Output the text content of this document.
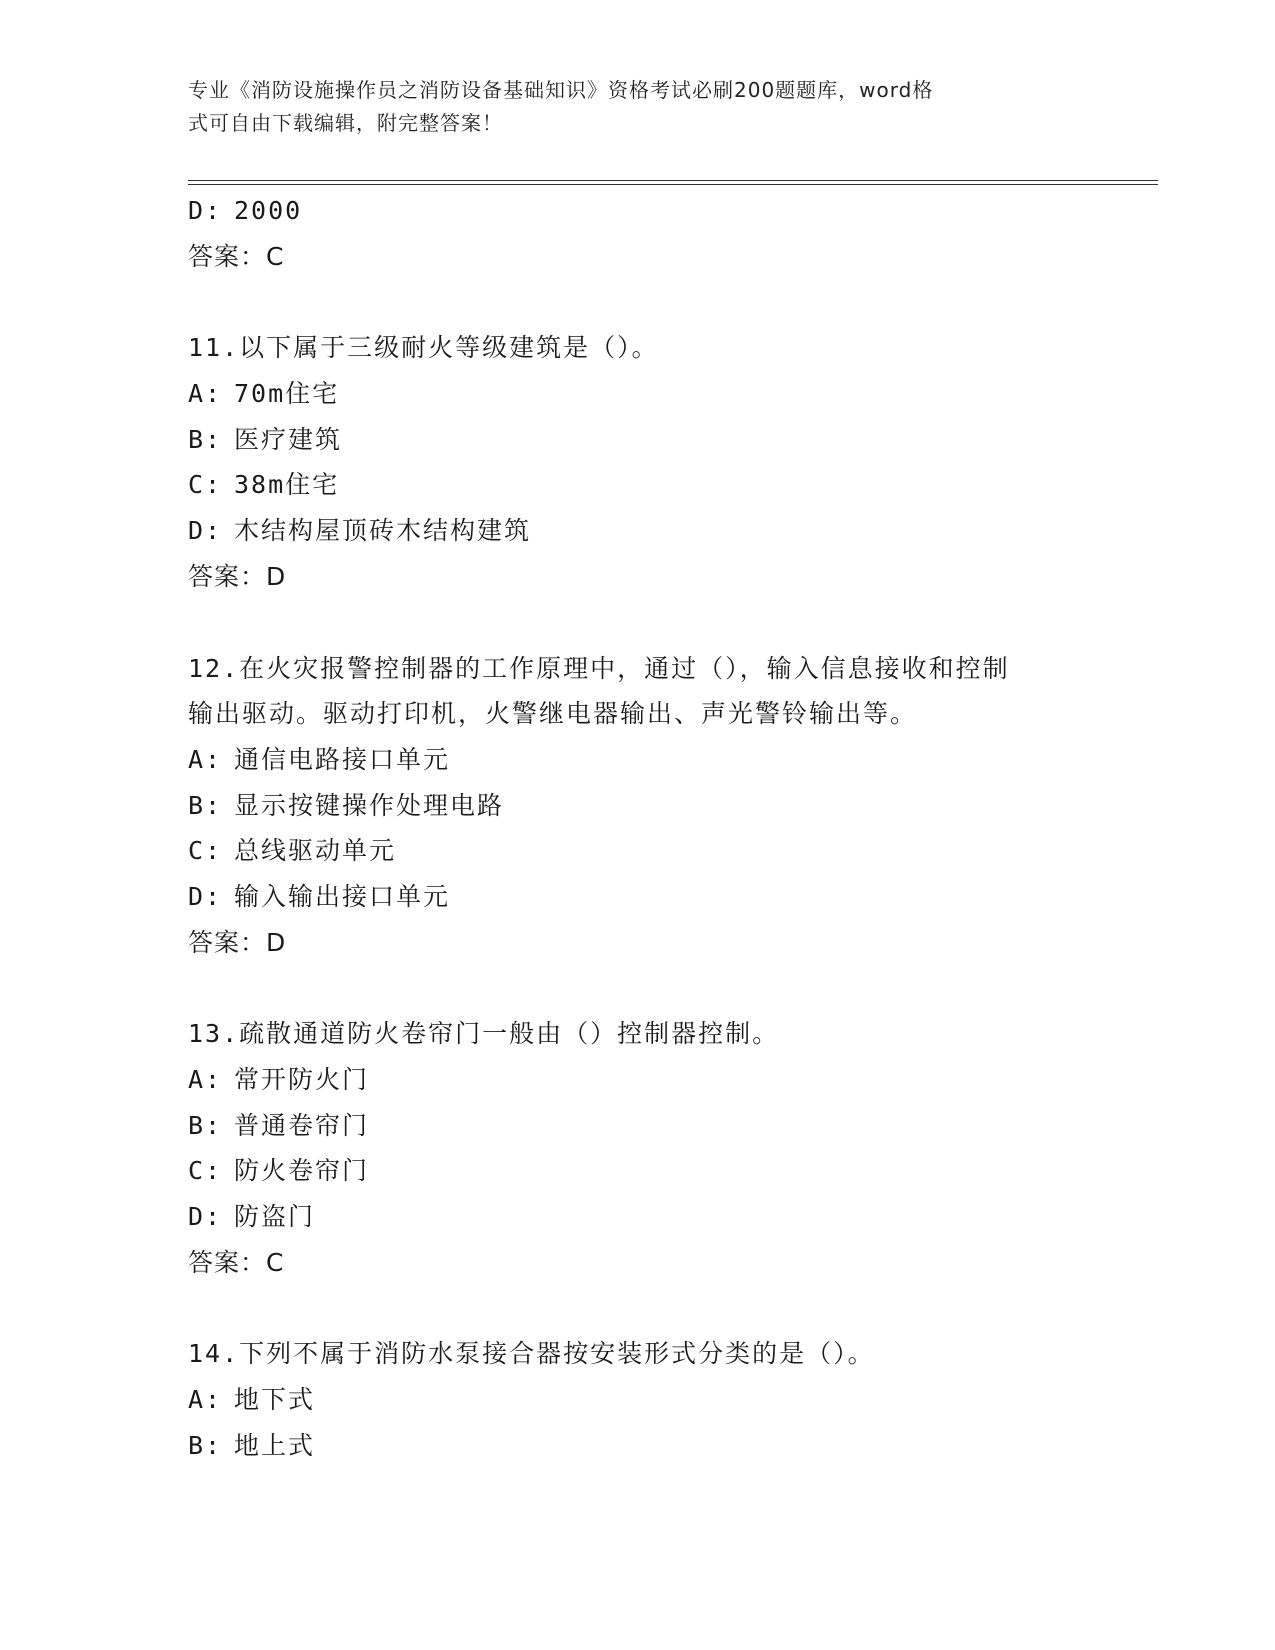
专业《消防设施操作员之消防设备基础知识》资格考试必刷200题题库，word格
式可自由下载编辑，附完整答案！
D: 2000
答案：C
11.以下属于三级耐火等级建筑是（）。
A: 70m住宅
B: 医疗建筑
C: 38m住宅
D: 木结构屋顶砖木结构建筑
答案：D
12.在火灾报警控制器的工作原理中，通过（），输入信息接收和控制
输出驱动。驱动打印机，火警继电器输出、声光警铃输出等。
A: 通信电路接口单元
B: 显示按键操作处理电路
C: 总线驱动单元
D: 输入输出接口单元
答案：D
13.疏散通道防火卷帘门一般由（）控制器控制。
A: 常开防火门
B: 普通卷帘门
C: 防火卷帘门
D: 防盗门
答案：C
14.下列不属于消防水泵接合器按安装形式分类的是（）。
A: 地下式
B: 地上式
